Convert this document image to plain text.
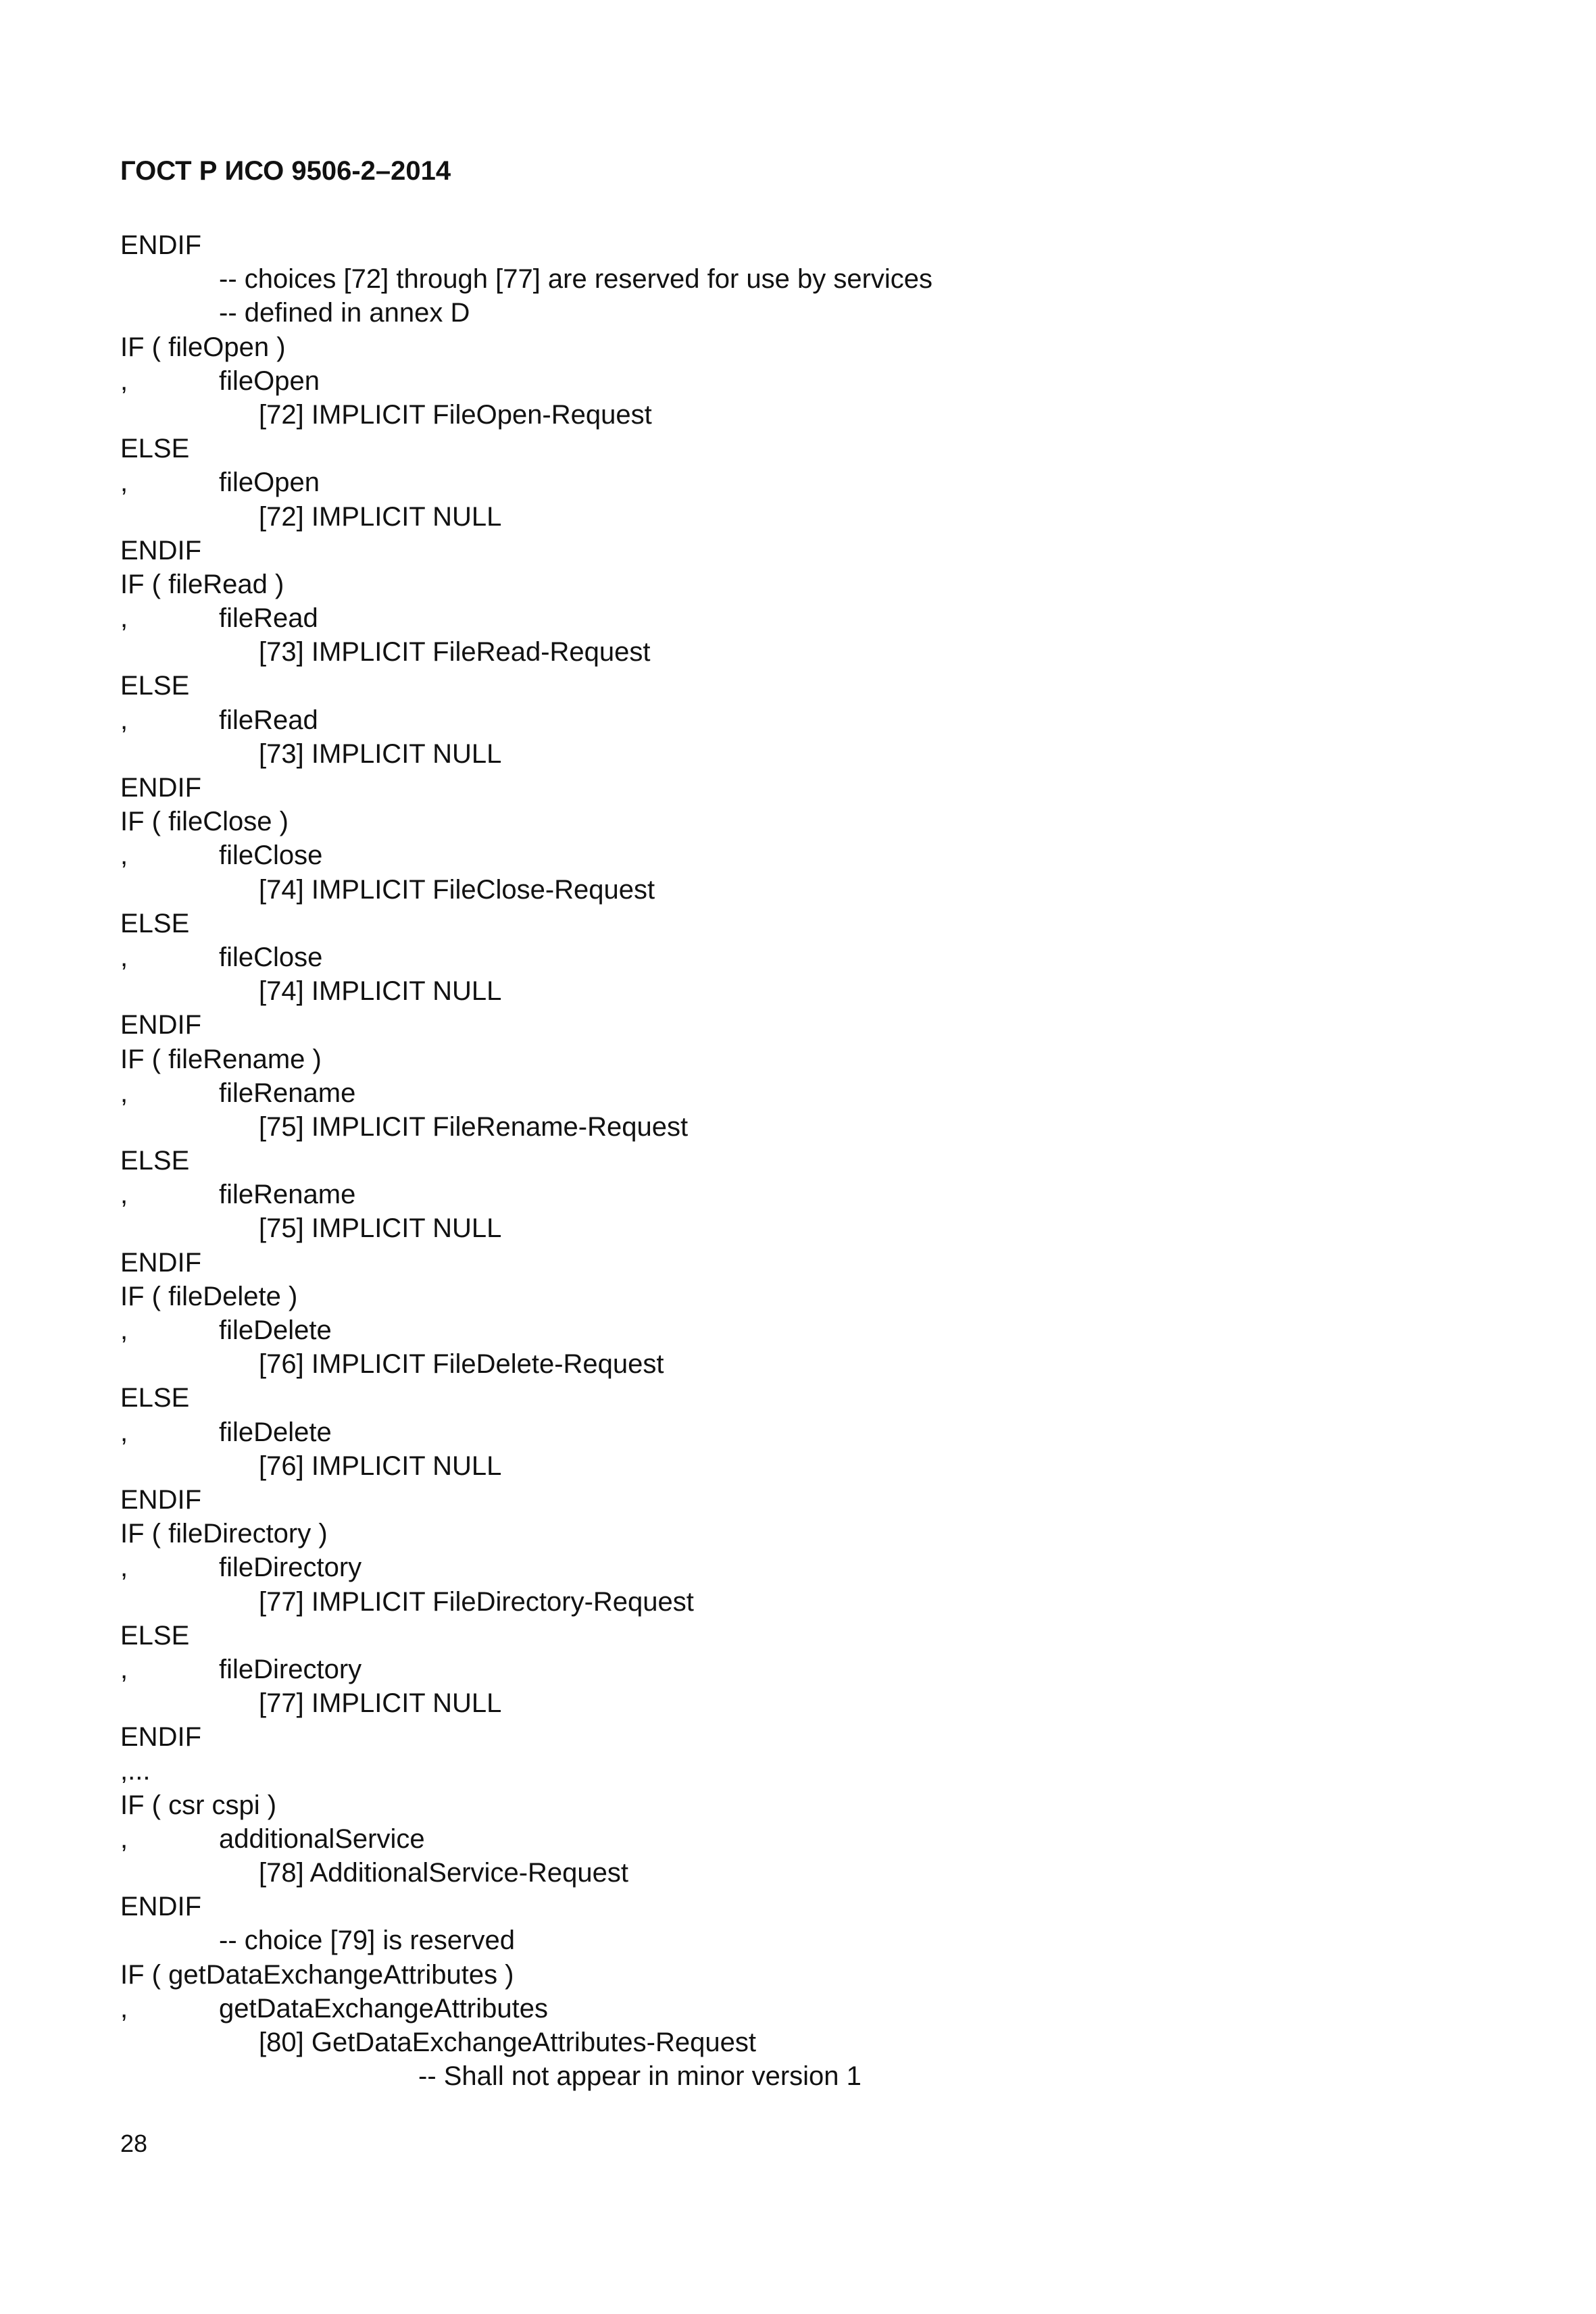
ГОСТ Р ИСО 9506-2–2014
ENDIF
-- choices [72] through [77] are reserved for use by services
-- defined in annex D
IF ( fileOpen )
,	fileOpen
[72] IMPLICIT FileOpen-Request
ELSE
,	fileOpen
[72] IMPLICIT NULL
ENDIF
IF ( fileRead )
,	fileRead
[73] IMPLICIT FileRead-Request
ELSE
,	fileRead
[73] IMPLICIT NULL
ENDIF
IF ( fileClose )
,	fileClose
[74] IMPLICIT FileClose-Request
ELSE
,	fileClose
[74] IMPLICIT NULL
ENDIF
IF ( fileRename )
,	fileRename
[75] IMPLICIT FileRename-Request
ELSE
,	fileRename
[75] IMPLICIT NULL
ENDIF
IF ( fileDelete )
,	fileDelete
[76] IMPLICIT FileDelete-Request
ELSE
,	fileDelete
[76] IMPLICIT NULL
ENDIF
IF ( fileDirectory )
,	fileDirectory
[77] IMPLICIT FileDirectory-Request
ELSE
,	fileDirectory
[77] IMPLICIT NULL
ENDIF
,...
IF ( csr cspi )
,	additionalService
[78] AdditionalService-Request
ENDIF
-- choice [79] is reserved
IF ( getDataExchangeAttributes )
,	getDataExchangeAttributes
[80] GetDataExchangeAttributes-Request
-- Shall not appear in minor version 1
28
